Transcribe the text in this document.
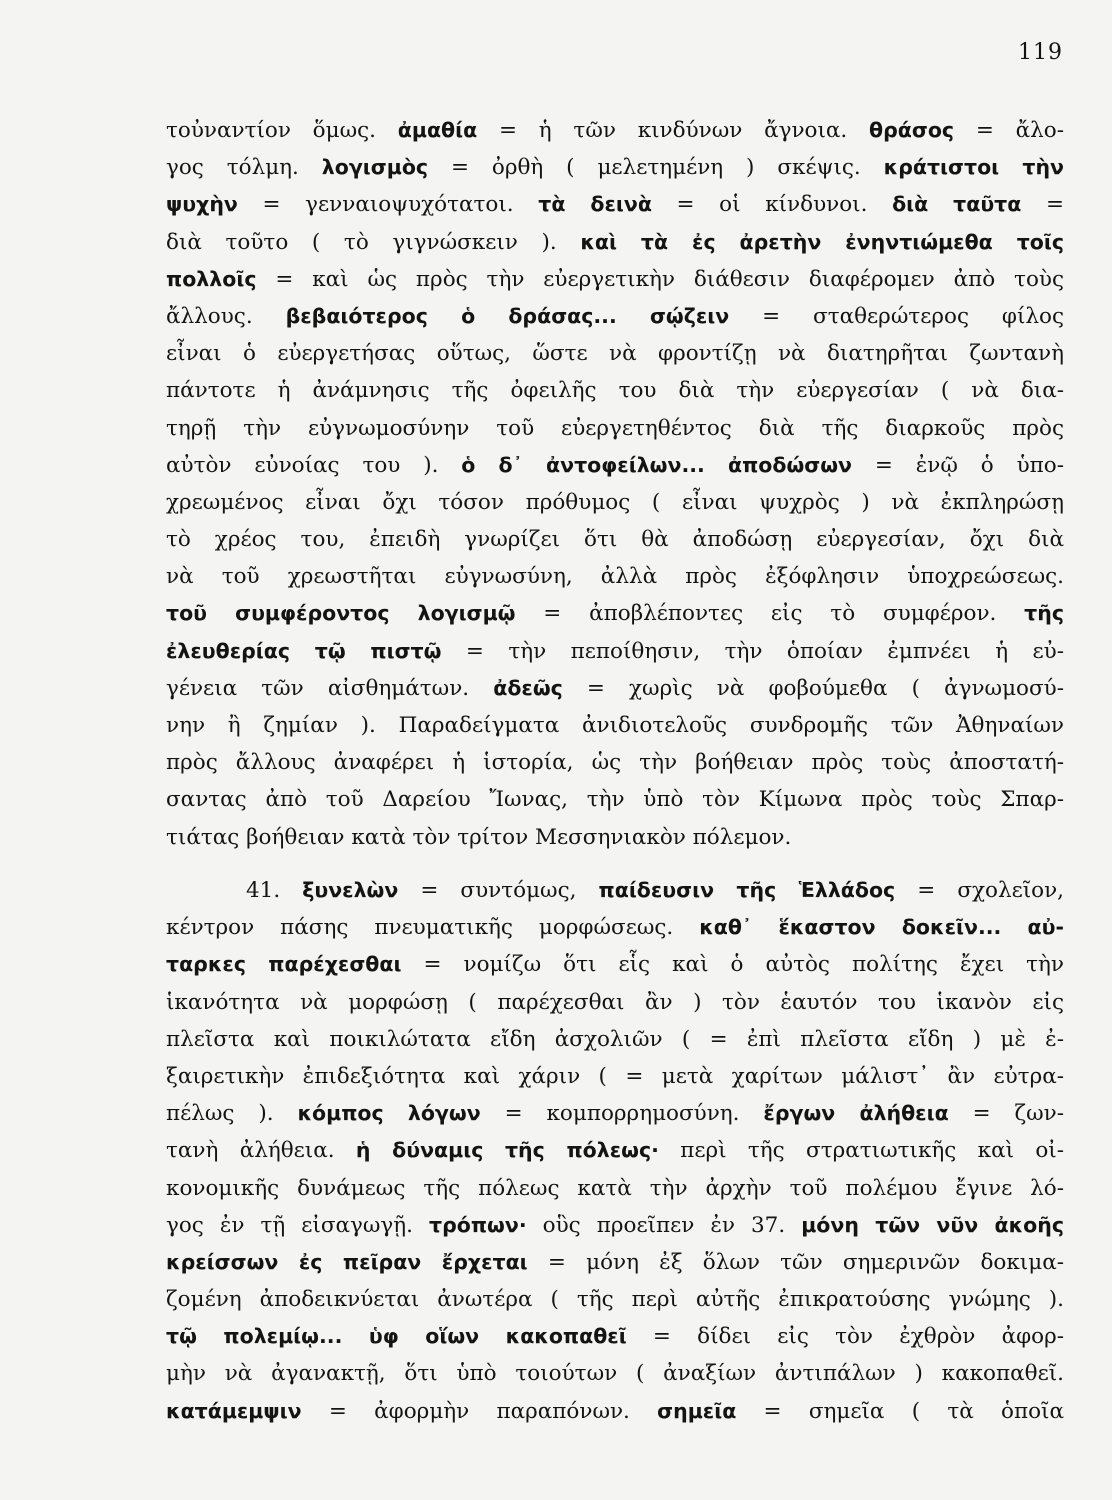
119
τοὐναντίον ὅμως. ἀμαθία = ἡ τῶν κινδύνων ἄγνοια. θράσος = ἄλο-
γος τόλμη. λογισμὸς = ὀρθὴ ( μελετημένη ) σκέψις. κράτιστοι τὴν
ψυχὴν = γενναιοψυχότατοι. τὰ δεινὰ = οἱ κίνδυνοι. διὰ ταῦτα =
διὰ τοῦτο ( τὸ γιγνώσκειν ). καὶ τὰ ἐς ἀρετὴν ἐνηντιώμεθα τοῖς
πολλοῖς = καὶ ὡς πρὸς τὴν εὐεργετικὴν διάθεσιν διαφέρομεν ἀπὸ τοὺς
ἄλλους. βεβαιότερος ὁ δράσας... σῴζειν = σταθερώτερος φίλος
εἶναι ὁ εὐεργετήσας οὕτως, ὥστε νὰ φροντίζῃ νὰ διατηρῆται ζωντανὴ
πάντοτε ἡ ἀνάμνησις τῆς ὀφειλῆς του διὰ τὴν εὐεργεσίαν ( νὰ δια-
τηρῇ τὴν εὐγνωμοσύνην τοῦ εὐεργετηθέντος διὰ τῆς διαρκοῦς πρὸς
αὐτὸν εὐνοίας του ). ὁ δ᾽ ἀντοφείλων... ἀποδώσων = ἐνῷ ὁ ὑπο-
χρεωμένος εἶναι ὄχι τόσον πρόθυμος ( εἶναι ψυχρὸς ) νὰ ἐκπληρώσῃ
τὸ χρέος του, ἐπειδὴ γνωρίζει ὅτι θὰ ἀποδώσῃ εὐεργεσίαν, ὄχι διὰ
νὰ τοῦ χρεωστῆται εὐγνωσύνη, ἀλλὰ πρὸς ἐξόφλησιν ὑποχρεώσεως.
τοῦ συμφέροντος λογισμῷ = ἀποβλέποντες εἰς τὸ συμφέρον. τῆς
ἐλευθερίας τῷ πιστῷ = τὴν πεποίθησιν, τὴν ὁποίαν ἐμπνέει ἡ εὐ-
γένεια τῶν αἰσθημάτων. ἀδεῶς = χωρὶς νὰ φοβούμεθα ( ἀγνωμοσύ-
νην ἢ ζημίαν ). Παραδείγματα ἀνιδιοτελοῦς συνδρομῆς τῶν Ἀθηναίων
πρὸς ἄλλους ἀναφέρει ἡ ἱστορία, ὡς τὴν βοήθειαν πρὸς τοὺς ἀποστατή-
σαντας ἀπὸ τοῦ Δαρείου Ἴωνας, τὴν ὑπὸ τὸν Κίμωνα πρὸς τοὺς Σπαρ-
τιάτας βοήθειαν κατὰ τὸν τρίτον Μεσσηνιακὸν πόλεμον.
41. ξυνελὼν = συντόμως, παίδευσιν τῆς Ἑλλάδος = σχολεῖον,
κέντρον πάσης πνευματικῆς μορφώσεως. καθ᾽ ἕκαστον δοκεῖν... αὐ-
ταρκες παρέχεσθαι = νομίζω ὅτι εἷς καὶ ὁ αὐτὸς πολίτης ἔχει τὴν
ἱκανότητα νὰ μορφώσῃ ( παρέχεσθαι ἂν ) τὸν ἑαυτόν του ἱκανὸν εἰς
πλεῖστα καὶ ποικιλώτατα εἴδη ἀσχολιῶν ( = ἐπὶ πλεῖστα εἴδη ) μὲ ἐ-
ξαιρετικὴν ἐπιδεξιότητα καὶ χάριν ( = μετὰ χαρίτων μάλιστ᾽ ἂν εὐτρα-
πέλως ). κόμπος λόγων = κομπορρημοσύνη. ἔργων ἀλήθεια = ζων-
τανὴ ἀλήθεια. ἡ δύναμις τῆς πόλεως· περὶ τῆς στρατιωτικῆς καὶ οἰ-
κονομικῆς δυνάμεως τῆς πόλεως κατὰ τὴν ἀρχὴν τοῦ πολέμου ἔγινε λό-
γος ἐν τῇ εἰσαγωγῇ. τρόπων· οὓς προεῖπεν ἐν 37. μόνη τῶν νῦν ἀκοῆς
κρείσσων ἐς πεῖραν ἔρχεται = μόνη ἐξ ὅλων τῶν σημερινῶν δοκιμα-
ζομένη ἀποδεικνύεται ἀνωτέρα ( τῆς περὶ αὐτῆς ἐπικρατούσης γνώμης ).
τῷ πολεμίῳ... ὑφ οἵων κακοπαθεῖ = δίδει εἰς τὸν ἐχθρὸν ἀφορ-
μὴν νὰ ἀγανακτῇ, ὅτι ὑπὸ τοιούτων ( ἀναξίων ἀντιπάλων ) κακοπαθεῖ.
κατάμεμψιν = ἀφορμὴν παραπόνων. σημεῖα = σημεῖα ( τὰ ὁποῖα
